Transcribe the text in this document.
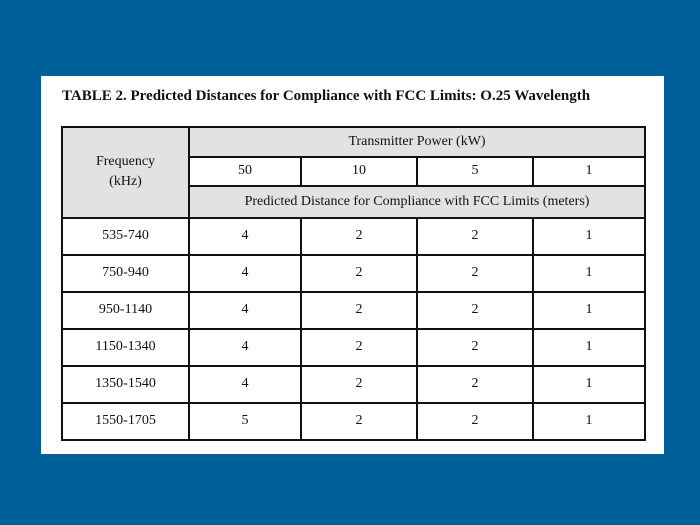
TABLE 2. Predicted Distances for Compliance with FCC Limits: O.25 Wavelength
Frequency
(kHz)	Transmitter Power (kW)			
	50	10	5	1
	Predicted Distance for Compliance with FCC Limits (meters)			
535-740	4	2	2	1
750-940	4	2	2	1
950-1140	4	2	2	1
1150-1340	4	2	2	1
1350-1540	4	2	2	1
1550-1705	5	2	2	1
